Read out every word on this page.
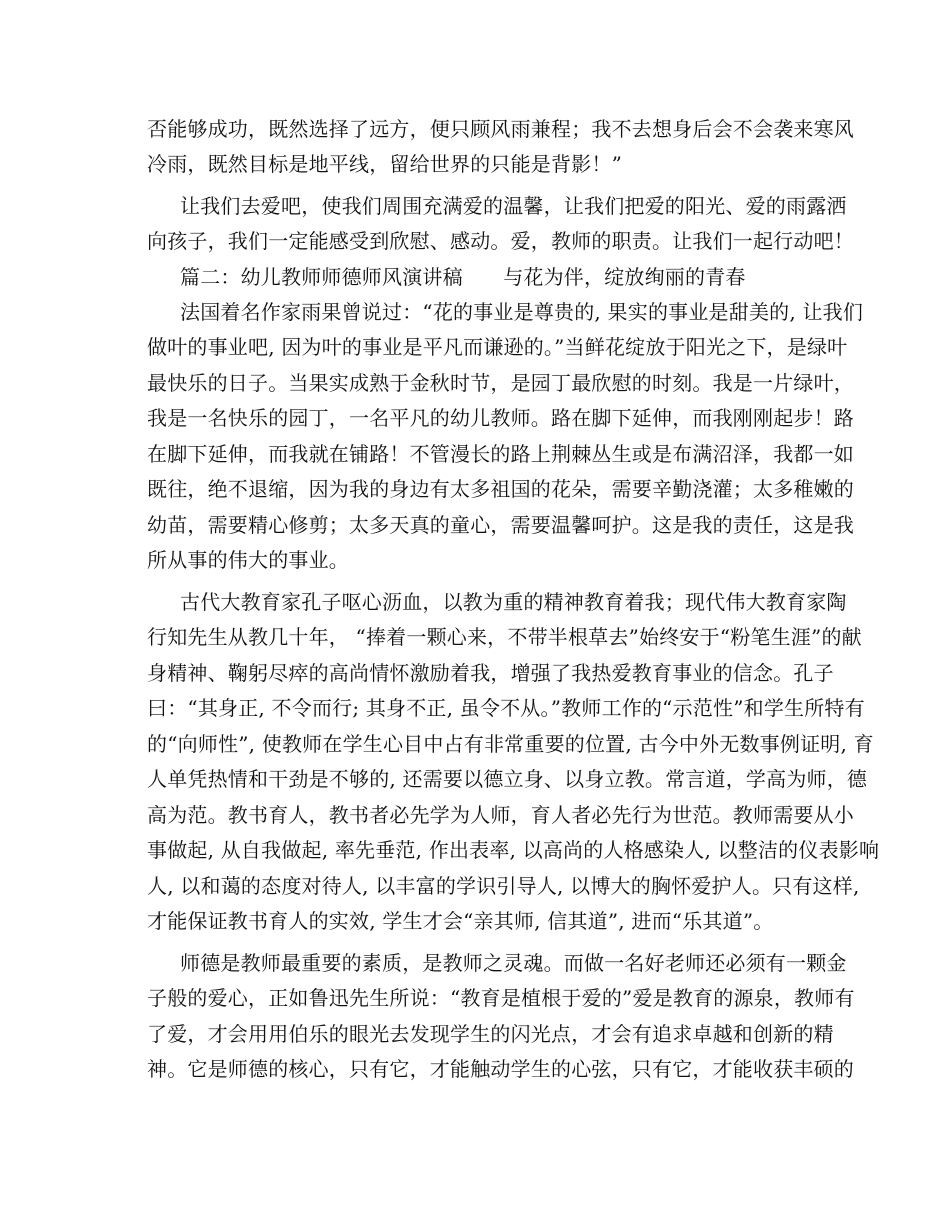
否能够成功，既然选择了远方，便只顾风雨兼程；我不去想身后会不会袭来寒风
冷雨，既然目标是地平线，留给世界的只能是背影！”
让我们去爱吧，使我们周围充满爱的温馨，让我们把爱的阳光、爱的雨露洒
向孩子，我们一定能感受到欣慰、感动。爱，教师的职责。让我们一起行动吧！
篇二：幼儿教师师德师风演讲稿　　与花为伴，绽放绚丽的青春
法国着名作家雨果曾说过：“花的事业是尊贵的, 果实的事业是甜美的, 让我们
做叶的事业吧, 因为叶的事业是平凡而谦逊的。”当鲜花绽放于阳光之下，是绿叶
最快乐的日子。当果实成熟于金秋时节，是园丁最欣慰的时刻。我是一片绿叶，
我是一名快乐的园丁，一名平凡的幼儿教师。路在脚下延伸，而我刚刚起步！路
在脚下延伸，而我就在铺路！不管漫长的路上荆棘丛生或是布满沼泽，我都一如
既往，绝不退缩，因为我的身边有太多祖国的花朵，需要辛勤浇灌；太多稚嫩的
幼苗，需要精心修剪；太多天真的童心，需要温馨呵护。这是我的责任，这是我
所从事的伟大的事业。
古代大教育家孔子呕心沥血，以教为重的精神教育着我；现代伟大教育家陶
行知先生从教几十年， “捧着一颗心来，不带半根草去”始终安于“粉笔生涯”的献
身精神、鞠躬尽瘁的高尚情怀激励着我，增强了我热爱教育事业的信念。孔子
曰：“其身正, 不令而行; 其身不正, 虽令不从。”教师工作的“示范性”和学生所特有
的“向师性”, 使教师在学生心目中占有非常重要的位置, 古今中外无数事例证明, 育
人单凭热情和干劲是不够的, 还需要以德立身、以身立教。常言道，学高为师，德
高为范。教书育人，教书者必先学为人师，育人者必先行为世范。教师需要从小
事做起, 从自我做起, 率先垂范, 作出表率, 以高尚的人格感染人, 以整洁的仪表影响
人, 以和蔼的态度对待人, 以丰富的学识引导人, 以博大的胸怀爱护人。只有这样,
才能保证教书育人的实效, 学生才会“亲其师, 信其道”, 进而“乐其道”。
师德是教师最重要的素质，是教师之灵魂。而做一名好老师还必须有一颗金
子般的爱心，正如鲁迅先生所说：“教育是植根于爱的”爱是教育的源泉，教师有
了爱，才会用用伯乐的眼光去发现学生的闪光点，才会有追求卓越和创新的精
神。它是师德的核心，只有它，才能触动学生的心弦，只有它，才能收获丰硕的
